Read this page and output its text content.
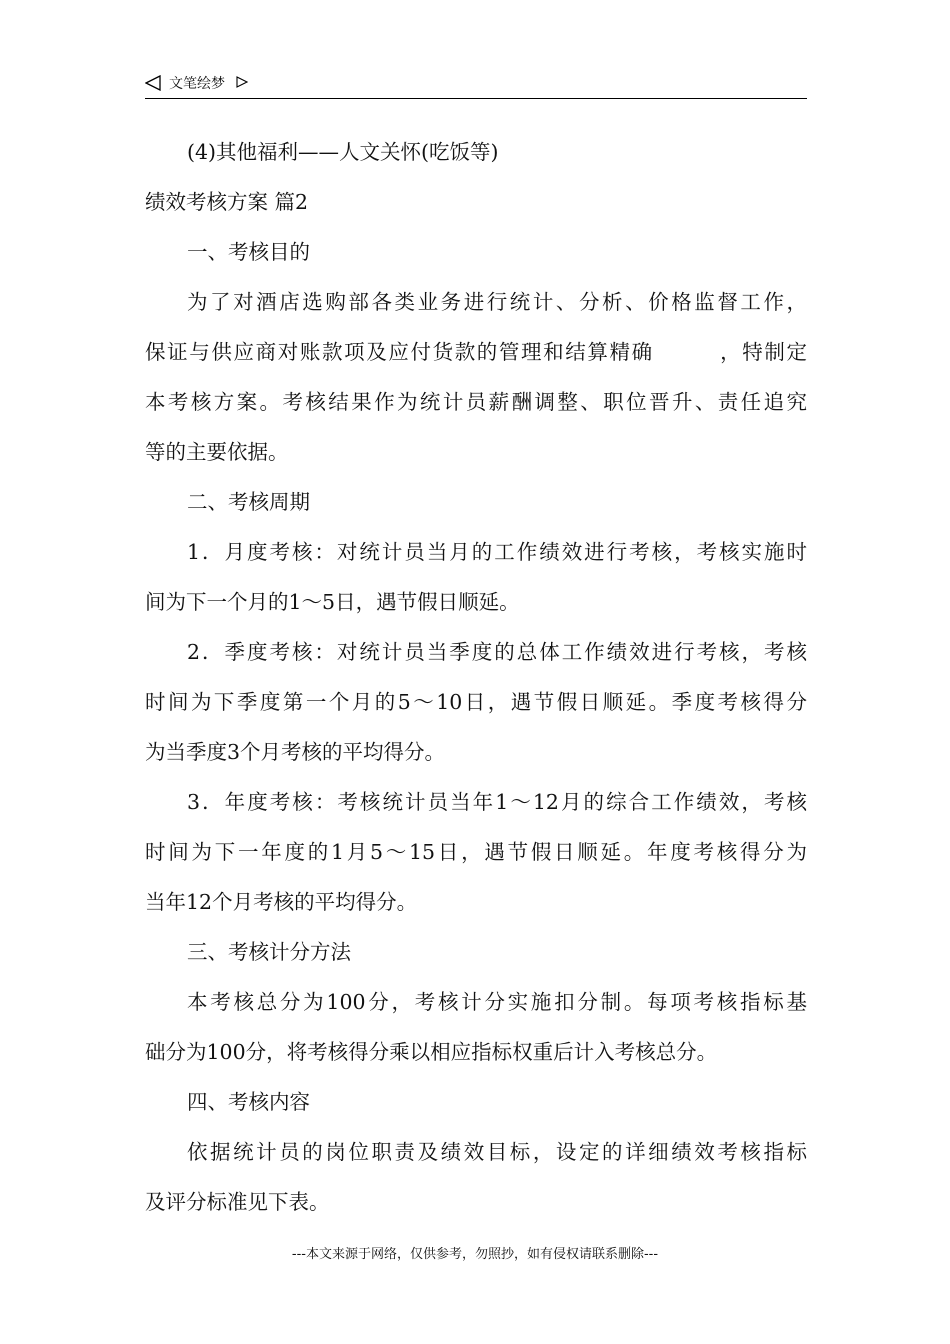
文笔绘梦
(4)其他福利——人文关怀(吃饭等)
绩效考核方案 篇2
一、考核目的
为了对酒店选购部各类业务进行统计、分析、价格监督工作，
保证与供应商对账款项及应付货款的管理和结算精确　　　，特制定
本考核方案。考核结果作为统计员薪酬调整、职位晋升、责任追究
等的主要依据。
二、考核周期
1．月度考核：对统计员当月的工作绩效进行考核，考核实施时
间为下一个月的1～5日，遇节假日顺延。
2．季度考核：对统计员当季度的总体工作绩效进行考核，考核
时间为下季度第一个月的5～10日，遇节假日顺延。季度考核得分
为当季度3个月考核的平均得分。
3．年度考核：考核统计员当年1～12月的综合工作绩效，考核
时间为下一年度的1月5～15日，遇节假日顺延。年度考核得分为
当年12个月考核的平均得分。
三、考核计分方法
本考核总分为100分，考核计分实施扣分制。每项考核指标基
础分为100分，将考核得分乘以相应指标权重后计入考核总分。
四、考核内容
依据统计员的岗位职责及绩效目标，设定的详细绩效考核指标
及评分标准见下表。
---本文来源于网络，仅供参考，勿照抄，如有侵权请联系删除---
